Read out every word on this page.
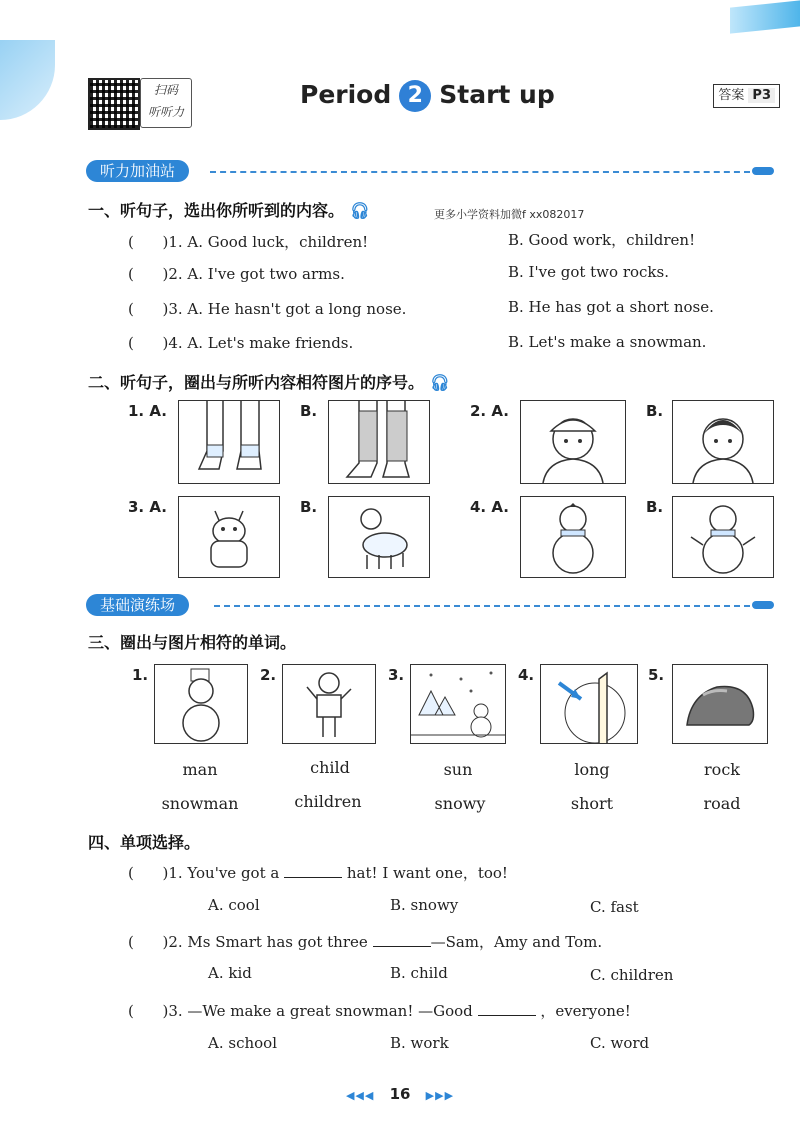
扫码
听听力
Period 2 Start up	答案 P3
听力加油站
一、听句子，选出你所听到的内容。 🎧︎	更多小学资料加微f xx082017
(      )1. A. Good luck，children!	B. Good work，children!
(      )2. A. I've got two arms.	B. I've got two rocks.
(      )3. A. He hasn't got a long nose.	B. He has got a short nose.
(      )4. A. Let's make friends.	B. Let's make a snowman.
二、听句子，圈出与所听内容相符图片的序号。 🎧︎
1. A.	B.	2. A.	B.
3. A.	B.	4. A.	B.
基础演练场
三、圈出与图片相符的单词。
1.	2.	3.	4.	5.
man	child	sun	long	rock
snowman	children	snowy	short	road
四、单项选择。
(      )1. You've got a	hat! I want one，too!
A. cool	B. snowy	C. fast
(      )2. Ms Smart has got three	—Sam，Amy and Tom.
A. kid	B. child	C. children
(      )3. —We make a great snowman! —Good	，everyone!
A. school	B. work	C. word
◀◀◀ 16 ▶▶▶
